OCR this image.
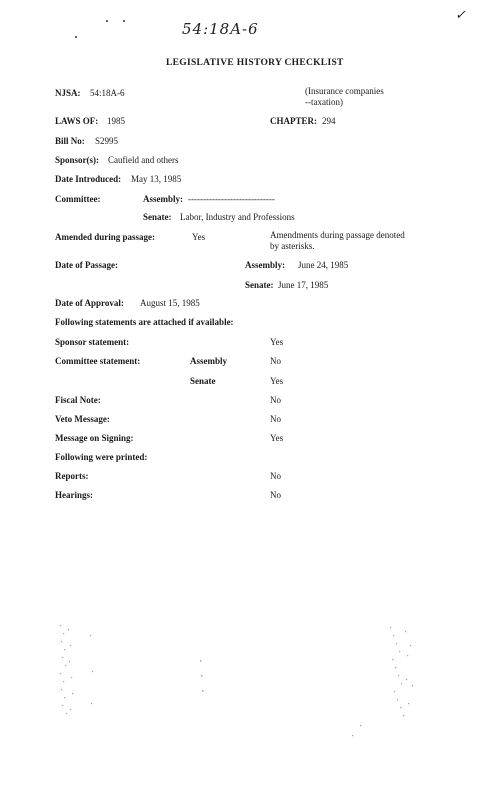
54:18A-6
✓
LEGISLATIVE HISTORY CHECKLIST
NJSA: 54:18A-6	(Insurance companies
--taxation)
LAWS OF: 1985	CHAPTER: 294
Bill No: S2995
Sponsor(s): Caufield and others
Date Introduced: May 13, 1985
Committee:	Assembly: -----------------------------
Senate: Labor, Industry and Professions
Amended during passage:	Yes	Amendments during passage denoted
by asterisks.
Date of Passage:	Assembly: June 24, 1985
Senate: June 17, 1985
Date of Approval: August 15, 1985
Following statements are attached if available:
Sponsor statement:	Yes
Committee statement:	Assembly	No
Senate	Yes
Fiscal Note:	No
Veto Message:	No
Message on Signing:	Yes
Following were printed:
Reports:	No
Hearings:	No
